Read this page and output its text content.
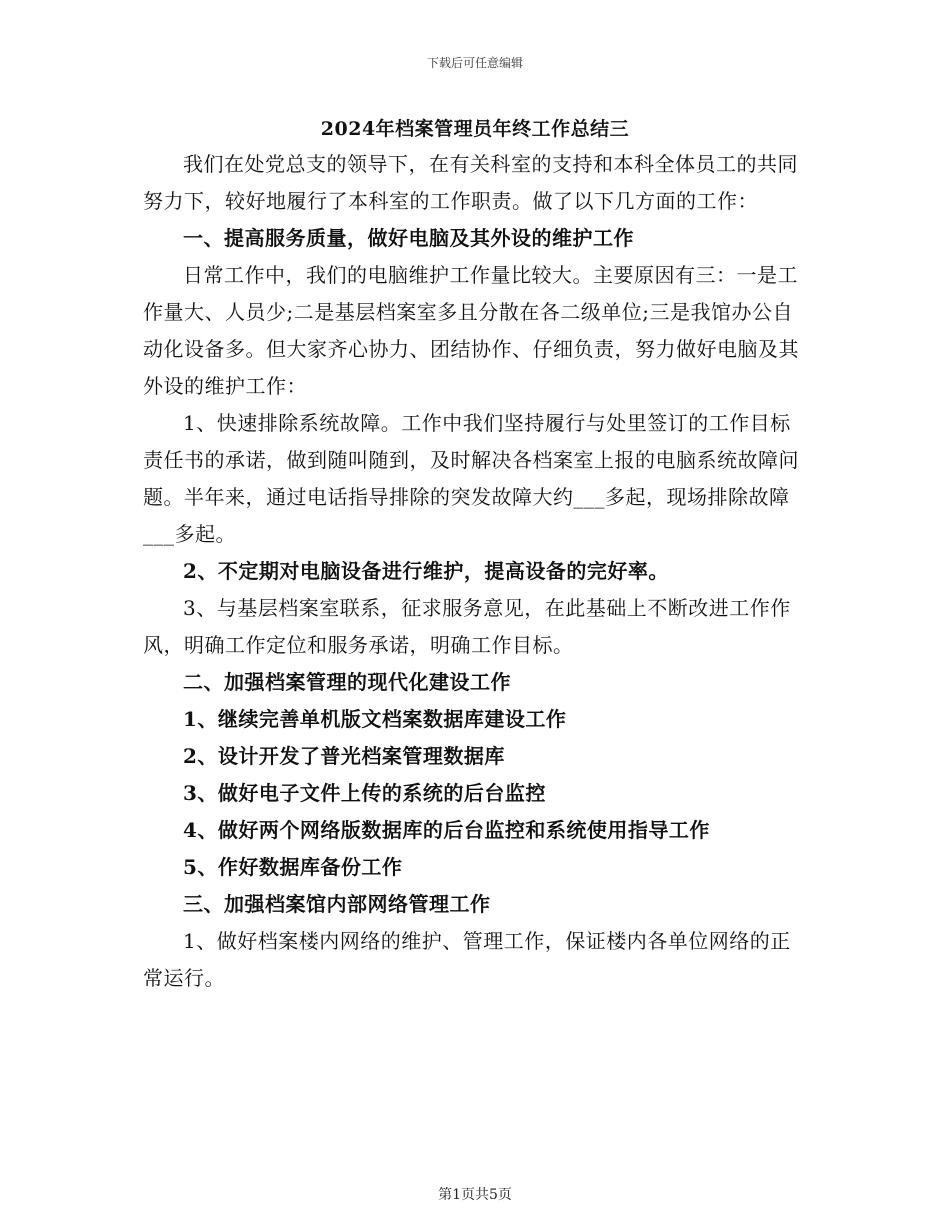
下载后可任意编辑
2024年档案管理员年终工作总结三

我们在处党总支的领导下，在有关科室的支持和本科全体员工的共同努力下，较好地履行了本科室的工作职责。做了以下几方面的工作：

一、提高服务质量，做好电脑及其外设的维护工作

日常工作中，我们的电脑维护工作量比较大。主要原因有三：一是工作量大、人员少;二是基层档案室多且分散在各二级单位;三是我馆办公自动化设备多。但大家齐心协力、团结协作、仔细负责，努力做好电脑及其外设的维护工作：

1、快速排除系统故障。工作中我们坚持履行与处里签订的工作目标责任书的承诺，做到随叫随到，及时解决各档案室上报的电脑系统故障问题。半年来，通过电话指导排除的突发故障大约___多起，现场排除故障___多起。

2、不定期对电脑设备进行维护，提高设备的完好率。

3、与基层档案室联系，征求服务意见，在此基础上不断改进工作作风，明确工作定位和服务承诺，明确工作目标。

二、加强档案管理的现代化建设工作

1、继续完善单机版文档案数据库建设工作

2、设计开发了普光档案管理数据库

3、做好电子文件上传的系统的后台监控

4、做好两个网络版数据库的后台监控和系统使用指导工作

5、作好数据库备份工作

三、加强档案馆内部网络管理工作

1、做好档案楼内网络的维护、管理工作，保证楼内各单位网络的正常运行。

第1页共5页
